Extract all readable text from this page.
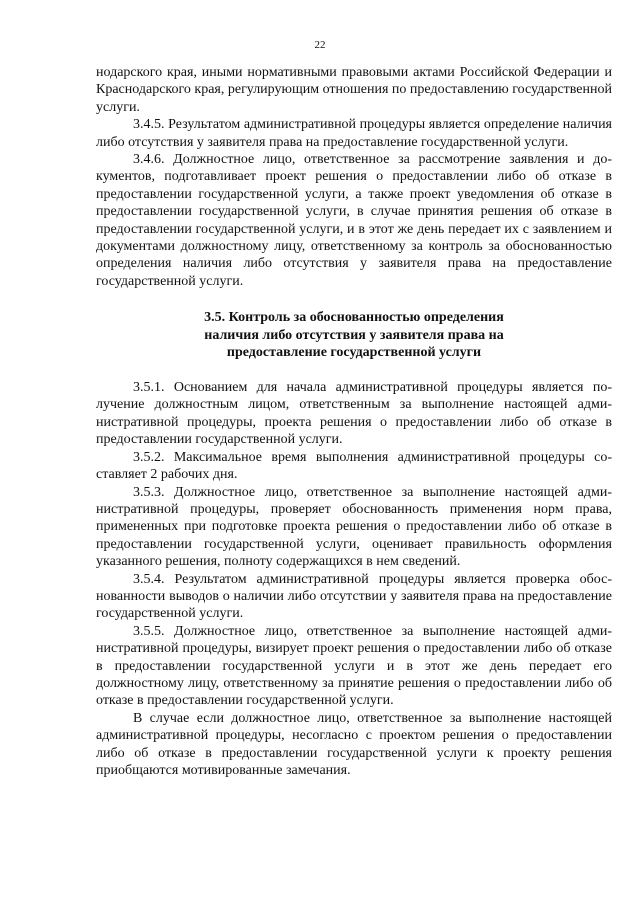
22

нодарского края, иными нормативными правовыми актами Российской Федерации и Краснодарского края, регулирующим отношения по предоставлению государственной услуги.

3.4.5. Результатом административной процедуры является определение наличия либо отсутствия у заявителя права на предоставление государственной услуги.

3.4.6. Должностное лицо, ответственное за рассмотрение заявления и документов, подготавливает проект решения о предоставлении либо об отказе в предоставлении государственной услуги, а также проект уведомления об отказе в предоставлении государственной услуги, в случае принятия решения об отказе в предоставлении государственной услуги, и в этот же день передает их с заявлением и документами должностному лицу, ответственному за контроль за обоснованностью определения наличия либо отсутствия у заявителя права на предоставление государственной услуги.

3.5. Контроль за обоснованностью определения
наличия либо отсутствия у заявителя права на
предоставление государственной услуги

3.5.1. Основанием для начала административной процедуры является получение должностным лицом, ответственным за выполнение настоящей административной процедуры, проекта решения о предоставлении либо об отказе в предоставлении государственной услуги.

3.5.2. Максимальное время выполнения административной процедуры составляет 2 рабочих дня.

3.5.3. Должностное лицо, ответственное за выполнение настоящей административной процедуры, проверяет обоснованность применения норм права, примененных при подготовке проекта решения о предоставлении либо об отказе в предоставлении государственной услуги, оценивает правильность оформления указанного решения, полноту содержащихся в нем сведений.

3.5.4. Результатом административной процедуры является проверка обоснованности выводов о наличии либо отсутствии у заявителя права на предоставление государственной услуги.

3.5.5. Должностное лицо, ответственное за выполнение настоящей административной процедуры, визирует проект решения о предоставлении либо об отказе в предоставлении государственной услуги и в этот же день передает его должностному лицу, ответственному за принятие решения о предоставлении либо об отказе в предоставлении государственной услуги.

В случае если должностное лицо, ответственное за выполнение настоящей административной процедуры, несогласно с проектом решения о предоставлении либо об отказе в предоставлении государственной услуги к проекту решения приобщаются мотивированные замечания.
